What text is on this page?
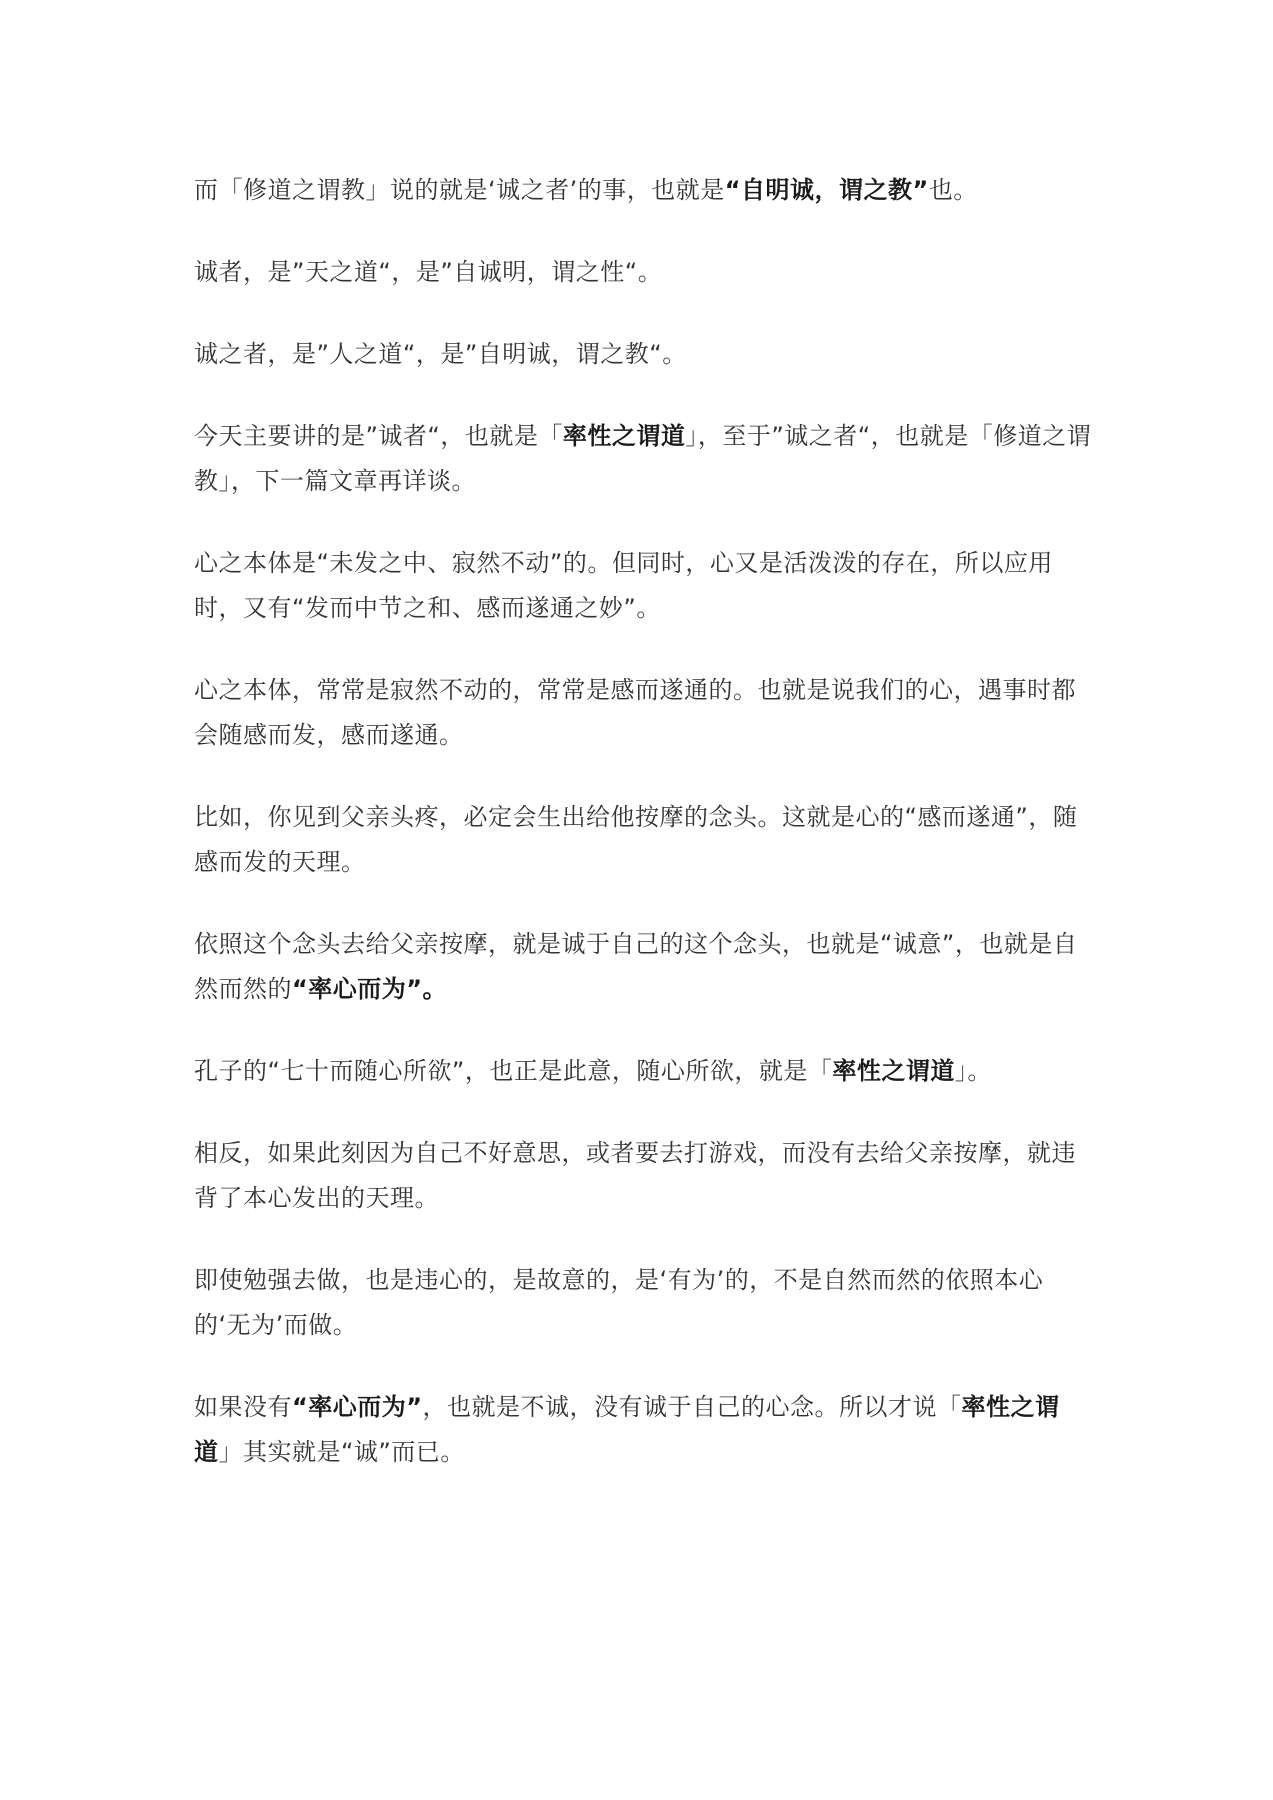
而「修道之谓教」说的就是‘诚之者’的事，也就是“自明诚，谓之教”也。

诚者，是”天之道“，是”自诚明，谓之性“。

诚之者，是”人之道“，是”自明诚，谓之教“。

今天主要讲的是”诚者“，也就是「率性之谓道」，至于”诚之者“，也就是「修道之谓教」，下一篇文章再详谈。

心之本体是“未发之中、寂然不动”的。但同时，心又是活泼泼的存在，所以应用时，又有“发而中节之和、感而遂通之妙”。

心之本体，常常是寂然不动的，常常是感而遂通的。也就是说我们的心，遇事时都会随感而发，感而遂通。

比如，你见到父亲头疼，必定会生出给他按摩的念头。这就是心的“感而遂通”，随感而发的天理。

依照这个念头去给父亲按摩，就是诚于自己的这个念头，也就是“诚意”，也就是自然而然的“率心而为”。

孔子的“七十而随心所欲”，也正是此意，随心所欲，就是「率性之谓道」。

相反，如果此刻因为自己不好意思，或者要去打游戏，而没有去给父亲按摩，就违背了本心发出的天理。

即使勉强去做，也是违心的，是故意的，是‘有为’的，不是自然而然的依照本心的‘无为’而做。

如果没有“率心而为”，也就是不诚，没有诚于自己的心念。所以才说「率性之谓道」其实就是“诚”而已。
